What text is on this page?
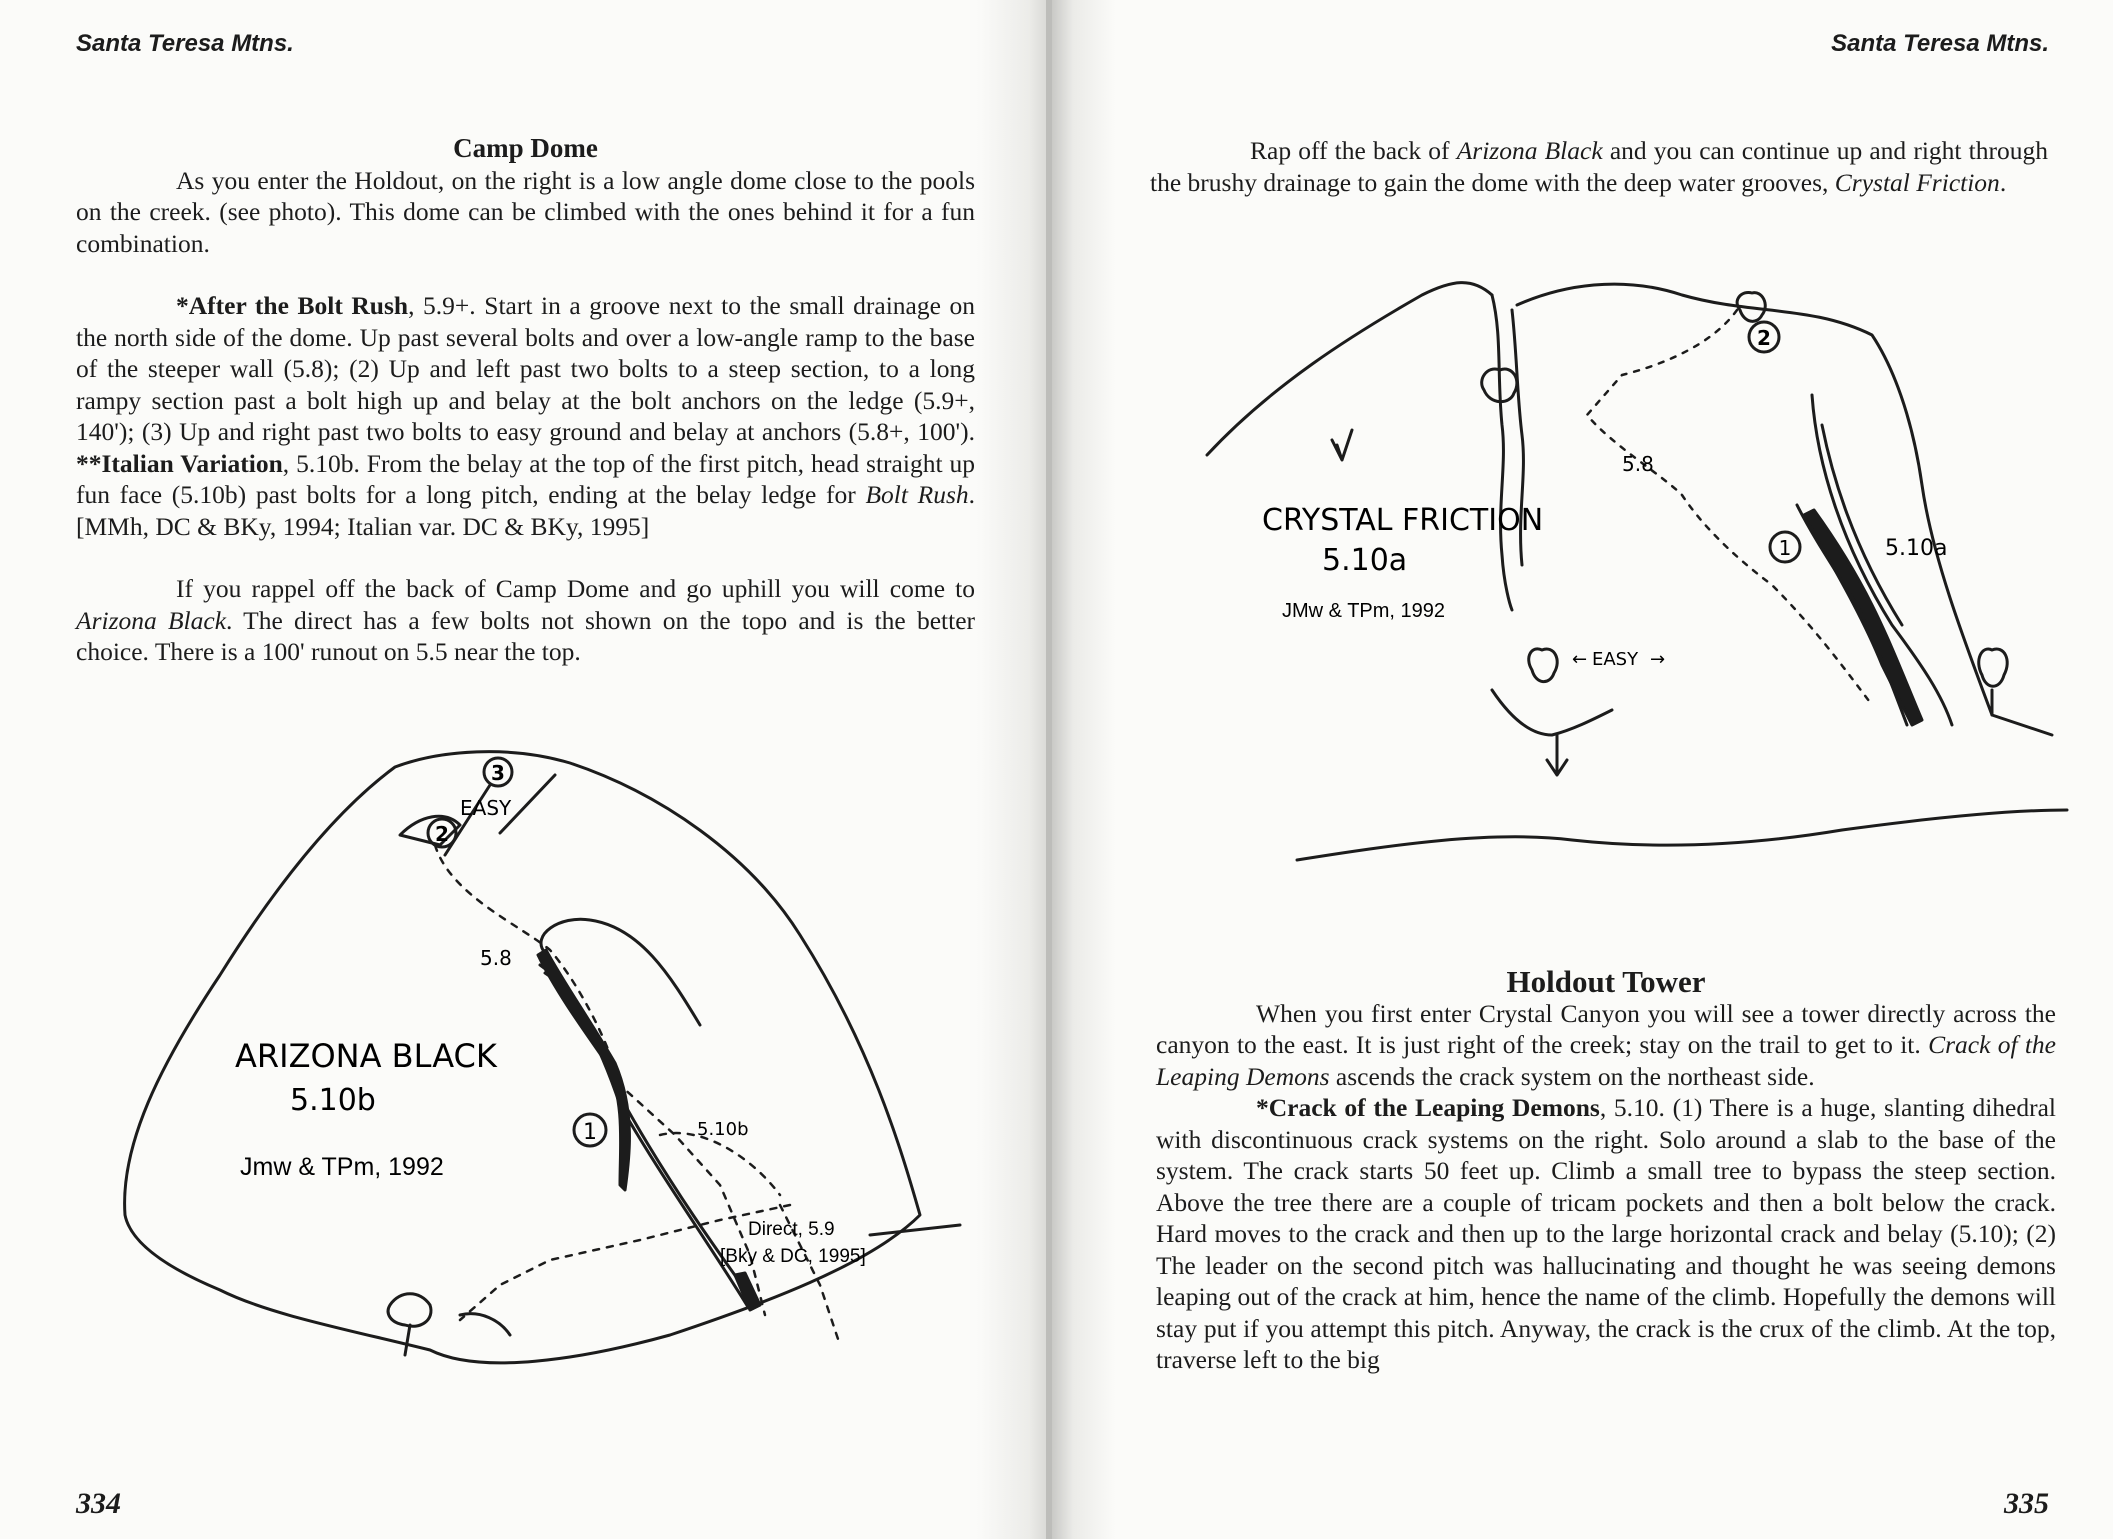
Santa Teresa Mtns.

Camp Dome

As you enter the Holdout, on the right is a low angle dome close to the pools on the creek. (see photo). This dome can be climbed with the ones behind it for a fun combination.

*After the Bolt Rush, 5.9+. Start in a groove next to the small drainage on the north side of the dome. Up past several bolts and over a low-angle ramp to the base of the steeper wall (5.8); (2) Up and left past two bolts to a steep section, to a long rampy section past a bolt high up and belay at the bolt anchors on the ledge (5.9+, 140'); (3) Up and right past two bolts to easy ground and belay at anchors (5.8+, 100'). **Italian Variation, 5.10b. From the belay at the top of the first pitch, head straight up fun face (5.10b) past bolts for a long pitch, ending at the belay ledge for Bolt Rush.[MMh, DC & BKy, 1994; Italian var. DC & BKy, 1995]

If you rappel off the back of Camp Dome and go uphill you will come to Arizona Black. The direct has a few bolts not shown on the topo and is the better choice. There is a 100' runout on 5.5 near the top.

1
2
3
EASY
5.8
5.10b
ARIZONA BLACK
5.10b
Jmw & TPm, 1992
Direct, 5.9
[Bky & DC, 1995]
334
Santa Teresa Mtns.

Rap off the back of Arizona Black and you can continue up and right through the brushy drainage to gain the dome with the deep water grooves, Crystal Friction.

1
2
5.8
5.10a
CRYSTAL FRICTION
5.10a
JMw & TPm, 1992
EASY
←	→

Holdout Tower

When you first enter Crystal Canyon you will see a tower directly across the canyon to the east. It is just right of the creek; stay on the trail to get to it. Crack of the Leaping Demons ascends the crack system on the northeast side.

*Crack of the Leaping Demons, 5.10. (1) There is a huge, slanting dihedral with discontinuous crack systems on the right. Solo around a slab to the base of the system. The crack starts 50 feet up. Climb a small tree to bypass the steep section. Above the tree there are a couple of tricam pockets and then a bolt below the crack. Hard moves to the crack and then up to the large horizontal crack and belay (5.10); (2) The leader on the second pitch was hallucinating and thought he was seeing demons leaping out of the crack at him, hence the name of the climb. Hopefully the demons will stay put if you attempt this pitch. Anyway, the crack is the crux of the climb. At the top, traverse left to the big

335
